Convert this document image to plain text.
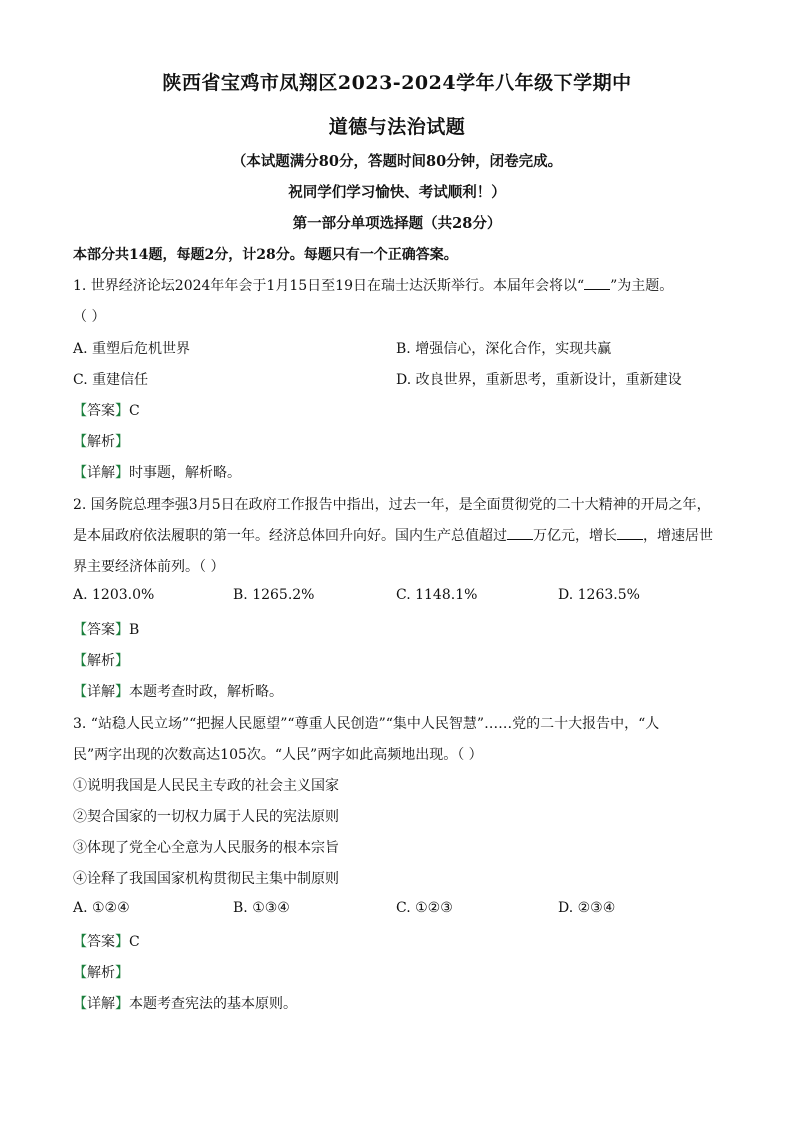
陕西省宝鸡市凤翔区2023-2024学年八年级下学期中
道德与法治试题
（本试题满分80分，答题时间80分钟，闭卷完成。
祝同学们学习愉快、考试顺利！）
第一部分单项选择题（共28分）
本部分共14题，每题2分，计28分。每题只有一个正确答案。
1. 世界经济论坛2024年年会于1月15日至19日在瑞士达沃斯举行。本届年会将以“ ”为主题。
（ ）
A. 重塑后危机世界	B. 增强信心，深化合作，实现共赢
C. 重建信任	D. 改良世界，重新思考，重新设计，重新建设
【答案】C
【解析】
【详解】时事题，解析略。
2. 国务院总理李强3月5日在政府工作报告中指出，过去一年，是全面贯彻党的二十大精神的开局之年，
是本届政府依法履职的第一年。经济总体回升向好。国内生产总值超过 万亿元，增长 ，增速居世
界主要经济体前列。（ ）
A. 1203.0%	B. 1265.2%	C. 1148.1%	D. 1263.5%
【答案】B
【解析】
【详解】本题考查时政，解析略。
3. “站稳人民立场”“把握人民愿望”“尊重人民创造”“集中人民智慧”……党的二十大报告中，“人
民”两字出现的次数高达105次。“人民”两字如此高频地出现。（ ）
①说明我国是人民民主专政的社会主义国家
②契合国家的一切权力属于人民的宪法原则
③体现了党全心全意为人民服务的根本宗旨
④诠释了我国国家机构贯彻民主集中制原则
A. ①②④	B. ①③④	C. ①②③	D. ②③④
【答案】C
【解析】
【详解】本题考查宪法的基本原则。
